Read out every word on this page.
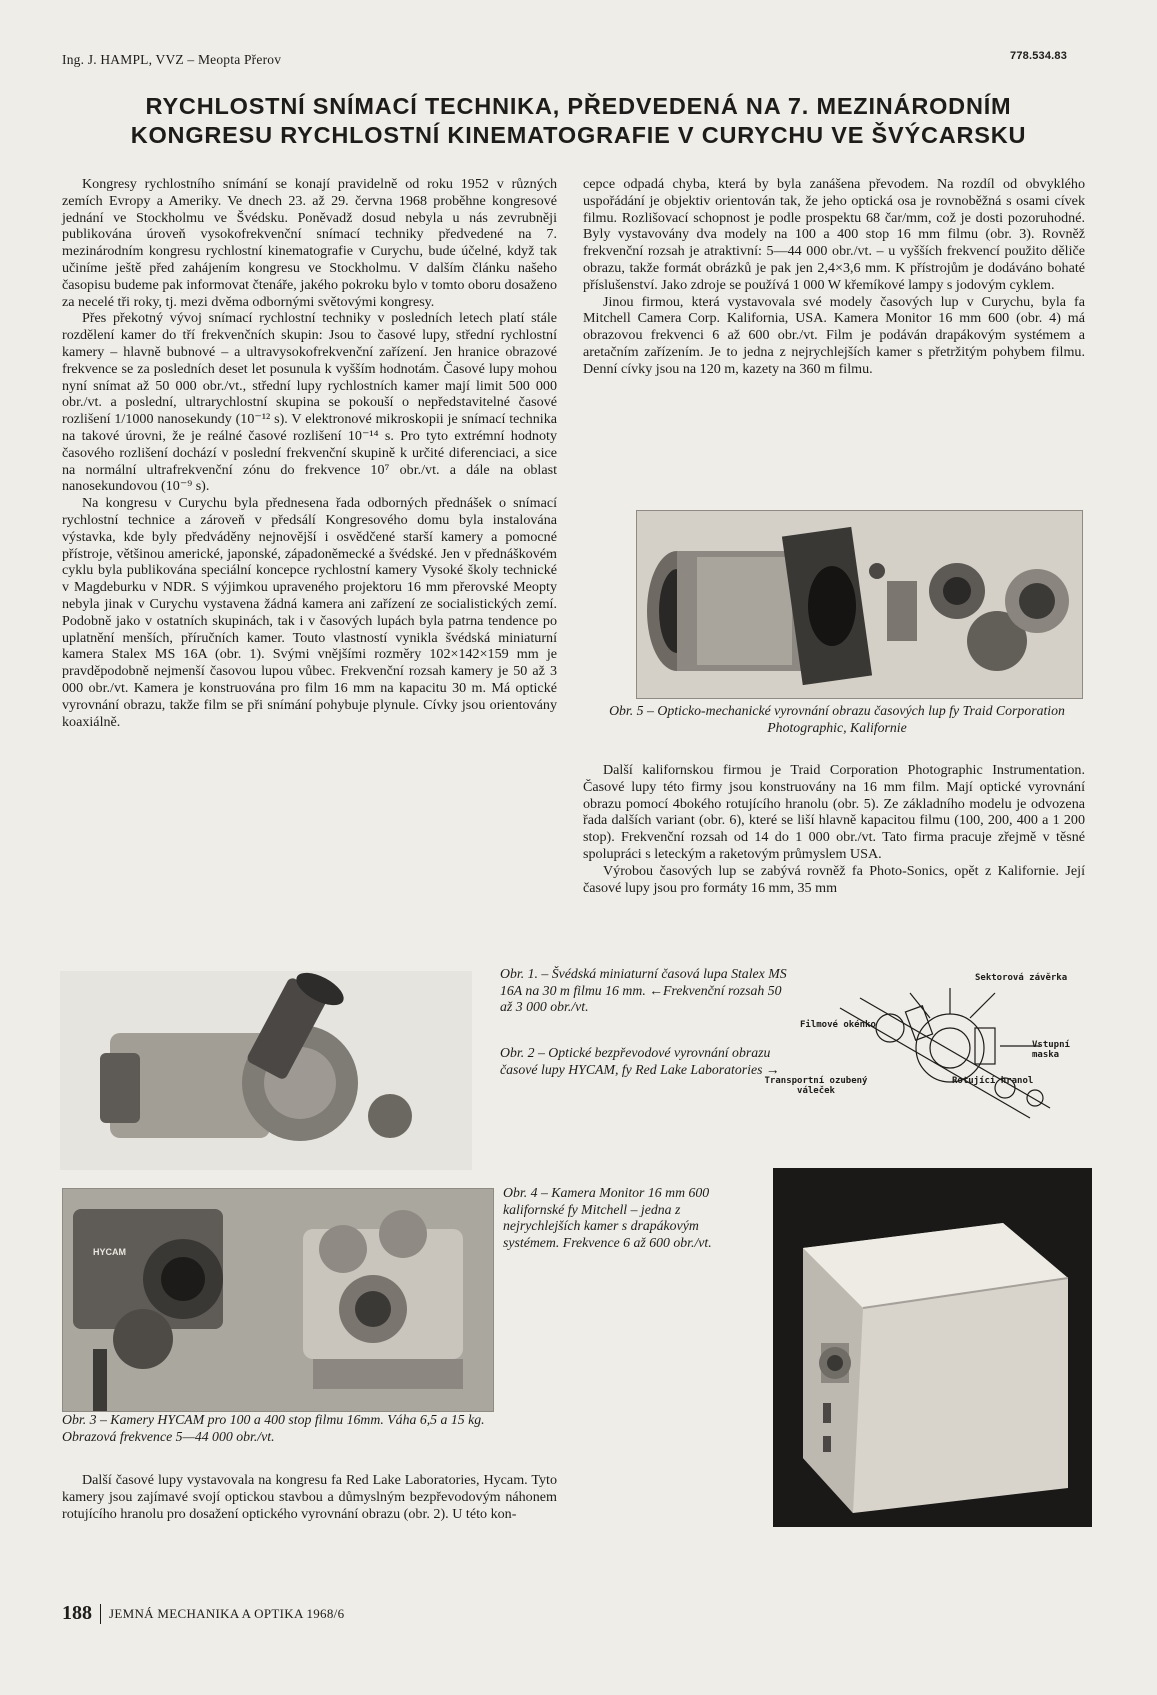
Ing. J. HAMPL, VVZ – Meopta Přerov	778.534.83
RYCHLOSTNÍ SNÍMACÍ TECHNIKA, PŘEDVEDENÁ NA 7. MEZINÁRODNÍM
KONGRESU RYCHLOSTNÍ KINEMATOGRAFIE V CURYCHU VE ŠVÝCARSKU

Kongresy rychlostního snímání se konají pravidelně od roku 1952 v různých zemích Evropy a Ameriky. Ve dnech 23. až 29. června 1968 proběhne kongresové jednání ve Stockholmu ve Švédsku. Poněvadž dosud nebyla u nás zevrubněji publikována úroveň vysokofrekvenční snímací techniky předvedené na 7. mezinárodním kongresu rychlostní kinematografie v Curychu, bude účelné, když tak učiníme ještě před zahájením kongresu ve Stockholmu. V dalším článku našeho časopisu budeme pak informovat čtenáře, jakého pokroku bylo v tomto oboru dosaženo za necelé tři roky, tj. mezi dvěma odbornými světovými kongresy.

Přes překotný vývoj snímací rychlostní techniky v posledních letech platí stále rozdělení kamer do tří frekvenčních skupin: Jsou to časové lupy, střední rychlostní kamery – hlavně bubnové – a ultravysokofrekvenční zařízení. Jen hranice obrazové frekvence se za posledních deset let posunula k vyšším hodnotám. Časové lupy mohou nyní snímat až 50 000 obr./vt., střední lupy rychlostních kamer mají limit 500 000 obr./vt. a poslední, ultrarychlostní skupina se pokouší o nepředstavitelné časové rozlišení 1/1000 nanosekundy (10⁻¹² s). V elektronové mikroskopii je snímací technika na takové úrovni, že je reálné časové rozlišení 10⁻¹⁴ s. Pro tyto extrémní hodnoty časového rozlišení dochází v poslední frekvenční skupině k určité diferenciaci, a sice na normální ultrafrekvenční zónu do frekvence 10⁷ obr./vt. a dále na oblast nanosekundovou (10⁻⁹ s).

Na kongresu v Curychu byla přednesena řada odborných přednášek o snímací rychlostní technice a zároveň v předsálí Kongresového domu byla instalována výstavka, kde byly předváděny nejnovější i osvědčené starší kamery a pomocné přístroje, většinou americké, japonské, západoněmecké a švédské. Jen v přednáškovém cyklu byla publikována speciální koncepce rychlostní kamery Vysoké školy technické v Magdeburku v NDR. S výjimkou upraveného projektoru 16 mm přerovské Meopty nebyla jinak v Curychu vystavena žádná kamera ani zařízení ze socialistických zemí. Podobně jako v ostatních skupinách, tak i v časových lupách byla patrna tendence po uplatnění menších, příručních kamer. Touto vlastností vynikla švédská miniaturní kamera Stalex MS 16A (obr. 1). Svými vnějšími rozměry 102×142×159 mm je pravděpodobně nejmenší časovou lupou vůbec. Frekvenční rozsah kamery je 50 až 3 000 obr./vt. Kamera je konstruována pro film 16 mm na kapacitu 30 m. Má optické vyrovnání obrazu, takže film se při snímání pohybuje plynule. Cívky jsou orientovány koaxiálně.

cepce odpadá chyba, která by byla zanášena převodem. Na rozdíl od obvyklého uspořádání je objektiv orientován tak, že jeho optická osa je rovnoběžná s osami cívek filmu. Rozlišovací schopnost je podle prospektu 68 čar/mm, což je dosti pozoruhodné. Byly vystavovány dva modely na 100 a 400 stop 16 mm filmu (obr. 3). Rovněž frekvenční rozsah je atraktivní: 5—44 000 obr./vt. – u vyšších frekvencí použito děliče obrazu, takže formát obrázků je pak jen 2,4×3,6 mm. K přístrojům je dodáváno bohaté příslušenství. Jako zdroje se používá 1 000 W křemíkové lampy s jodovým cyklem.

Jinou firmou, která vystavovala své modely časových lup v Curychu, byla fa Mitchell Camera Corp. Kalifornia, USA. Kamera Monitor 16 mm 600 (obr. 4) má obrazovou frekvenci 6 až 600 obr./vt. Film je podáván drapákovým systémem a aretačním zařízením. Je to jedna z nejrychlejších kamer s přetržitým pohybem filmu. Denní cívky jsou na 120 m, kazety na 360 m filmu.

Obr. 5 – Opticko-mechanické vyrovnání obrazu časových lup fy Traid Corporation Photographic, Kalifornie

Další kalifornskou firmou je Traid Corporation Photographic Instrumentation. Časové lupy této firmy jsou konstruovány na 16 mm film. Mají optické vyrovnání obrazu pomocí 4bokého rotujícího hranolu (obr. 5). Ze základního modelu je odvozena řada dalších variant (obr. 6), které se liší hlavně kapacitou filmu (100, 200, 400 a 1 200 stop). Frekvenční rozsah od 14 do 1 000 obr./vt. Tato firma pracuje zřejmě v těsné spolupráci s leteckým a raketovým průmyslem USA.

Výrobou časových lup se zabývá rovněž fa Photo-Sonics, opět z Kalifornie. Její časové lupy jsou pro formáty 16 mm, 35 mm

Obr. 1. – Švédská miniaturní časová lupa Stalex MS 16A na 30 m filmu 16 mm. ←Frekvenční rozsah 50 až 3 000 obr./vt.
Obr. 2 – Optické bezpřevodové vyrovnání obrazu časové lupy HYCAM, fy Red Lake Laboratories →
Sektorová závěrka
Filmové okénko
Vstupní maska
Transportní ozubený váleček
Rotující hranol
HYCAM
Obr. 3 – Kamery HYCAM pro 100 a 400 stop filmu 16mm. Váha 6,5 a 15 kg. Obrazová frekvence 5—44 000 obr./vt.
Obr. 4 – Kamera Monitor 16 mm 600 kalifornské fy Mitchell – jedna z nejrychlejších kamer s drapákovým systémem. Frekvence 6 až 600 obr./vt.

Další časové lupy vystavovala na kongresu fa Red Lake Laboratories, Hycam. Tyto kamery jsou zajímavé svojí optickou stavbou a důmyslným bezpřevodovým náhonem rotujícího hranolu pro dosažení optického vyrovnání obrazu (obr. 2). U této kon-

188 JEMNÁ MECHANIKA A OPTIKA 1968/6
